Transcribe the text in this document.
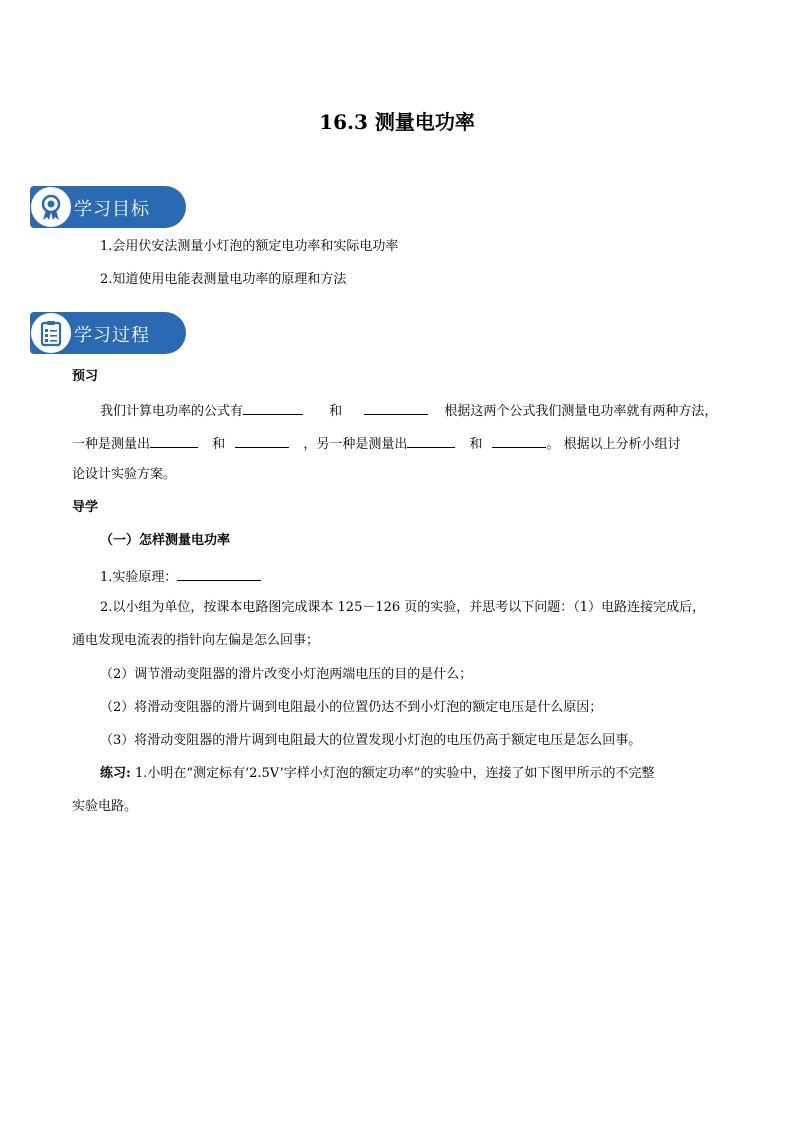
16.3 测量电功率
学习目标
1.会用伏安法测量小灯泡的额定电功率和实际电功率
2.知道使用电能表测量电功率的原理和方法
学习过程
预习
我们计算电功率的公式有	和	根据这两个公式我们测量电功率就有两种方法，
一种是测量出	和	，另一种是测量出	和	。 根据以上分析小组讨
论设计实验方案。
导学
（一）怎样测量电功率
1.实验原理：
2.以小组为单位，按课本电路图完成课本 125－126 页的实验，并思考以下问题：（1）电路连接完成后，
通电发现电流表的指针向左偏是怎么回事；
（2）调节滑动变阻器的滑片改变小灯泡两端电压的目的是什么；
（2）将滑动变阻器的滑片调到电阻最小的位置仍达不到小灯泡的额定电压是什么原因；
（3）将滑动变阻器的滑片调到电阻最大的位置发现小灯泡的电压仍高于额定电压是怎么回事。
练习: 1.小明在“测定标有‘2.5V’字样小灯泡的额定功率”的实验中，连接了如下图甲所示的不完整
实验电路。
